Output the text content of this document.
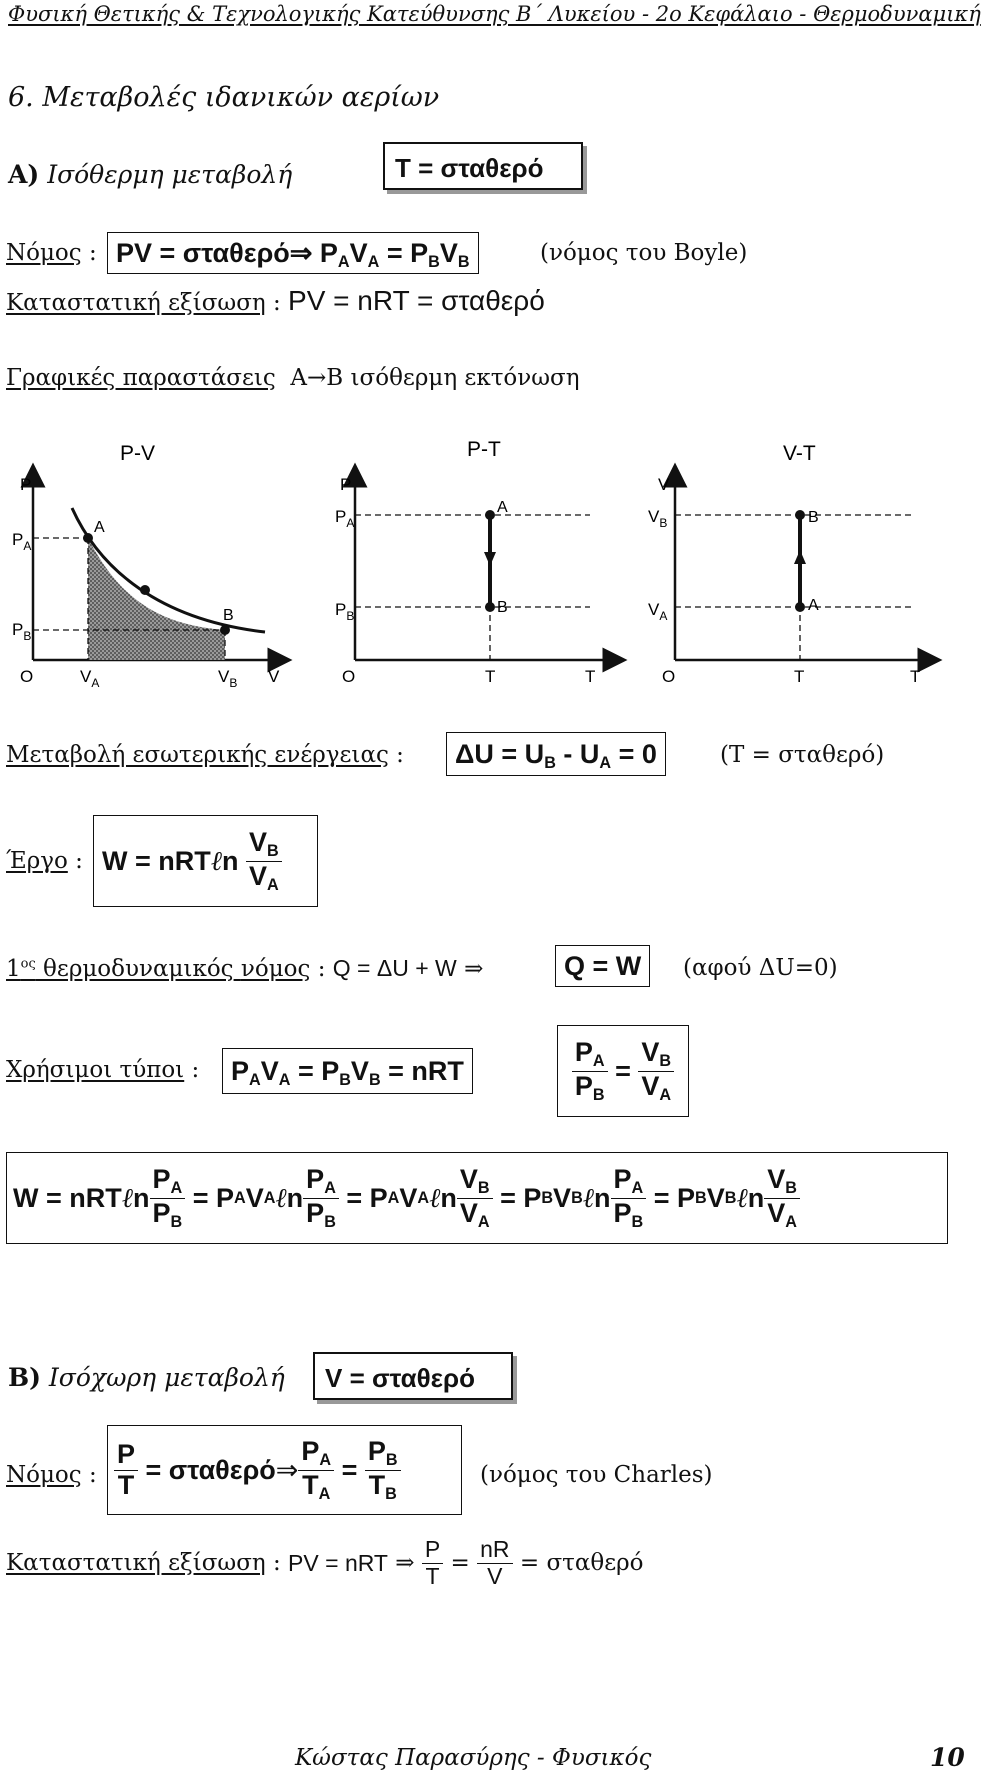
Φυσική Θετικής & Τεχνολογικής Κατεύθυνσης Β΄ Λυκείου - 2ο Κεφάλαιο - Θερμοδυναμική
6. Μεταβολές ιδανικών αερίων
Α) Ισόθερμη μεταβολή	Τ = σταθερό
Νόμος : PV = σταθερό⇒ $P_AV_A = P_BV_B$	(νόμος του Boyle)
Καταστατική εξίσωση : PV = nRT = σταθερό
Γραφικές παραστάσεις Α→Β ισόθερμη εκτόνωση
P-V
A
B
P
$P_A$
$P_B$
O	$V_A$	$V_B$ V
P-T
A
B
P
$P_A$
$P_B$
O	T	T
V-T
B
A
V
$V_B$
$V_A$
O	T	T
Μεταβολή εσωτερικής ενέργειας :	$\Delta U = U_B - U_A = 0$	(Τ = σταθερό)
Έργο : W = nRT ℓ n $\frac{V_B}{V_A}$
$1^{o\varsigma}$ θερμοδυναμικός νόμος : Q = ΔU + W ⇒	Q = W	(αφού ΔU=0)
Χρήσιμοι τύποι :	$P_AV_A = P_BV_B$ = nRT	$\frac{P_A}{P_B} = \frac{V_B}{V_A}$
W = nRT ℓ n $\frac{P_A}{P_B} = P$ A V A ℓ n $\frac{P_A}{P_B} = P$ A V A ℓ n $\frac{V_B}{V_A} = P$ B V B ℓ n $\frac{P_A}{P_B} = P$ B V B ℓ n $\frac{V_B}{V_A}$
Β) Ισόχωρη μεταβολή	V = σταθερό
Νόμος : $\frac{P}{T}$
= σταθερό ⇒ $\frac{P_A}{T_A} = \frac{P_B}{T_B}$	(νόμος του Charles)
Καταστατική εξίσωση : PV = nRT ⇒ $\frac{P}{T} = \frac{nR}{V}$
= σταθερό
Κώστας Παρασύρης - Φυσικός	10
